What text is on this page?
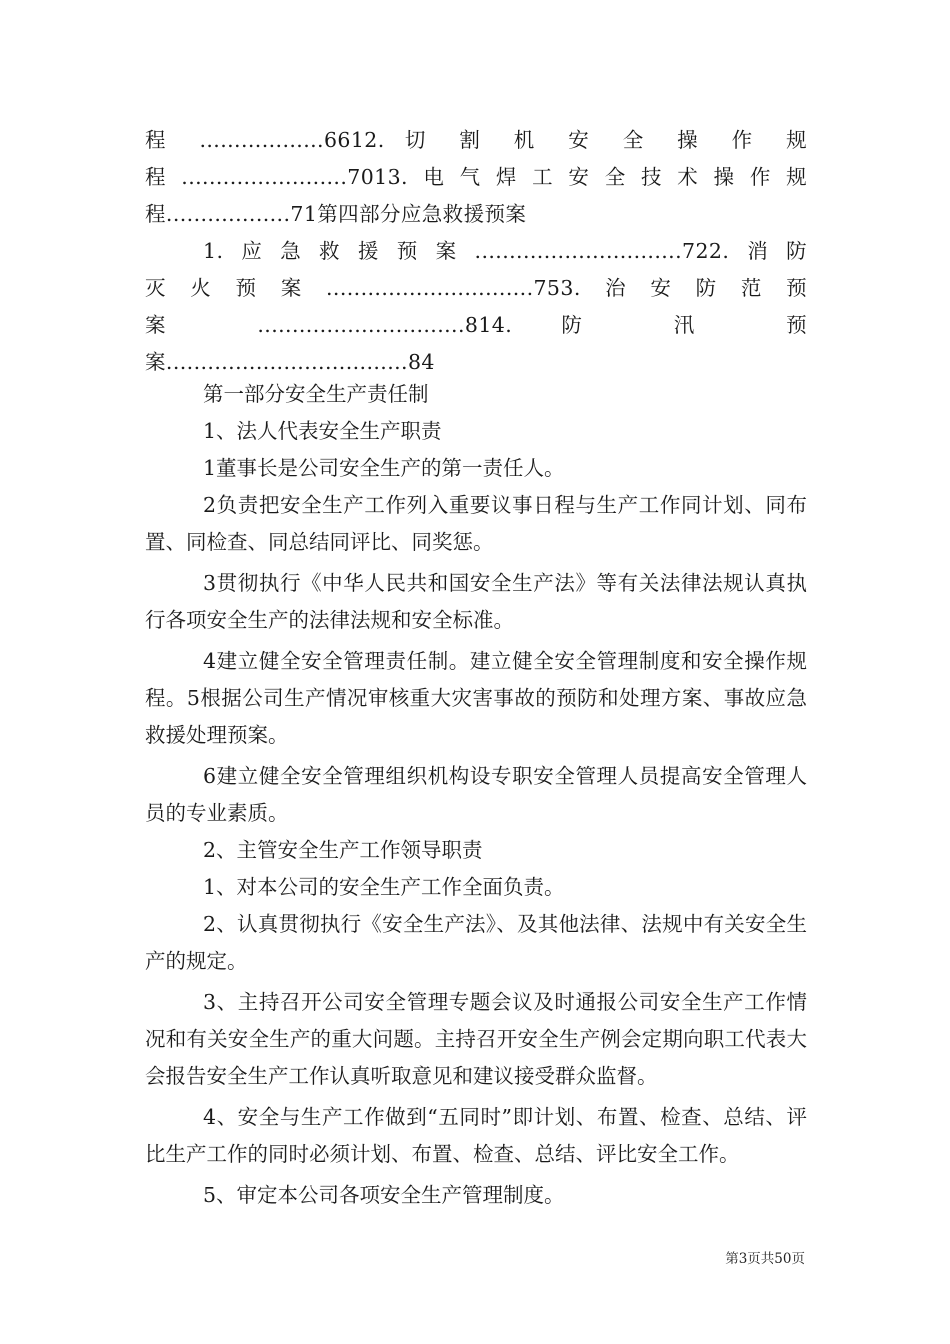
程 ..................6612. 切 割 机 安 全 操 作 规
程........................7013.电气焊工安全技术操作规
程..................71第四部分应急救援预案
1.应急救援预案..............................722.消防
灭火预案..............................753.治安防范预
案 ..............................814. 防 汛 预
案...................................84

第一部分安全生产责任制

1、法人代表安全生产职责

1董事长是公司安全生产的第一责任人。

2负责把安全生产工作列入重要议事日程与生产工作同计划、同布置、同检查、同总结同评比、同奖惩。

3贯彻执行《中华人民共和国安全生产法》等有关法律法规认真执行各项安全生产的法律法规和安全标准。

4建立健全安全管理责任制。建立健全安全管理制度和安全操作规程。5根据公司生产情况审核重大灾害事故的预防和处理方案、事故应急救援处理预案。

6建立健全安全管理组织机构设专职安全管理人员提高安全管理人员的专业素质。

2、主管安全生产工作领导职责

1、对本公司的安全生产工作全面负责。

2、认真贯彻执行《安全生产法》、及其他法律、法规中有关安全生产的规定。

3、主持召开公司安全管理专题会议及时通报公司安全生产工作情况和有关安全生产的重大问题。主持召开安全生产例会定期向职工代表大会报告安全生产工作认真听取意见和建议接受群众监督。

4、安全与生产工作做到“五同时”即计划、布置、检查、总结、评比生产工作的同时必须计划、布置、检查、总结、评比安全工作。

5、审定本公司各项安全生产管理制度。

第3页共50页
